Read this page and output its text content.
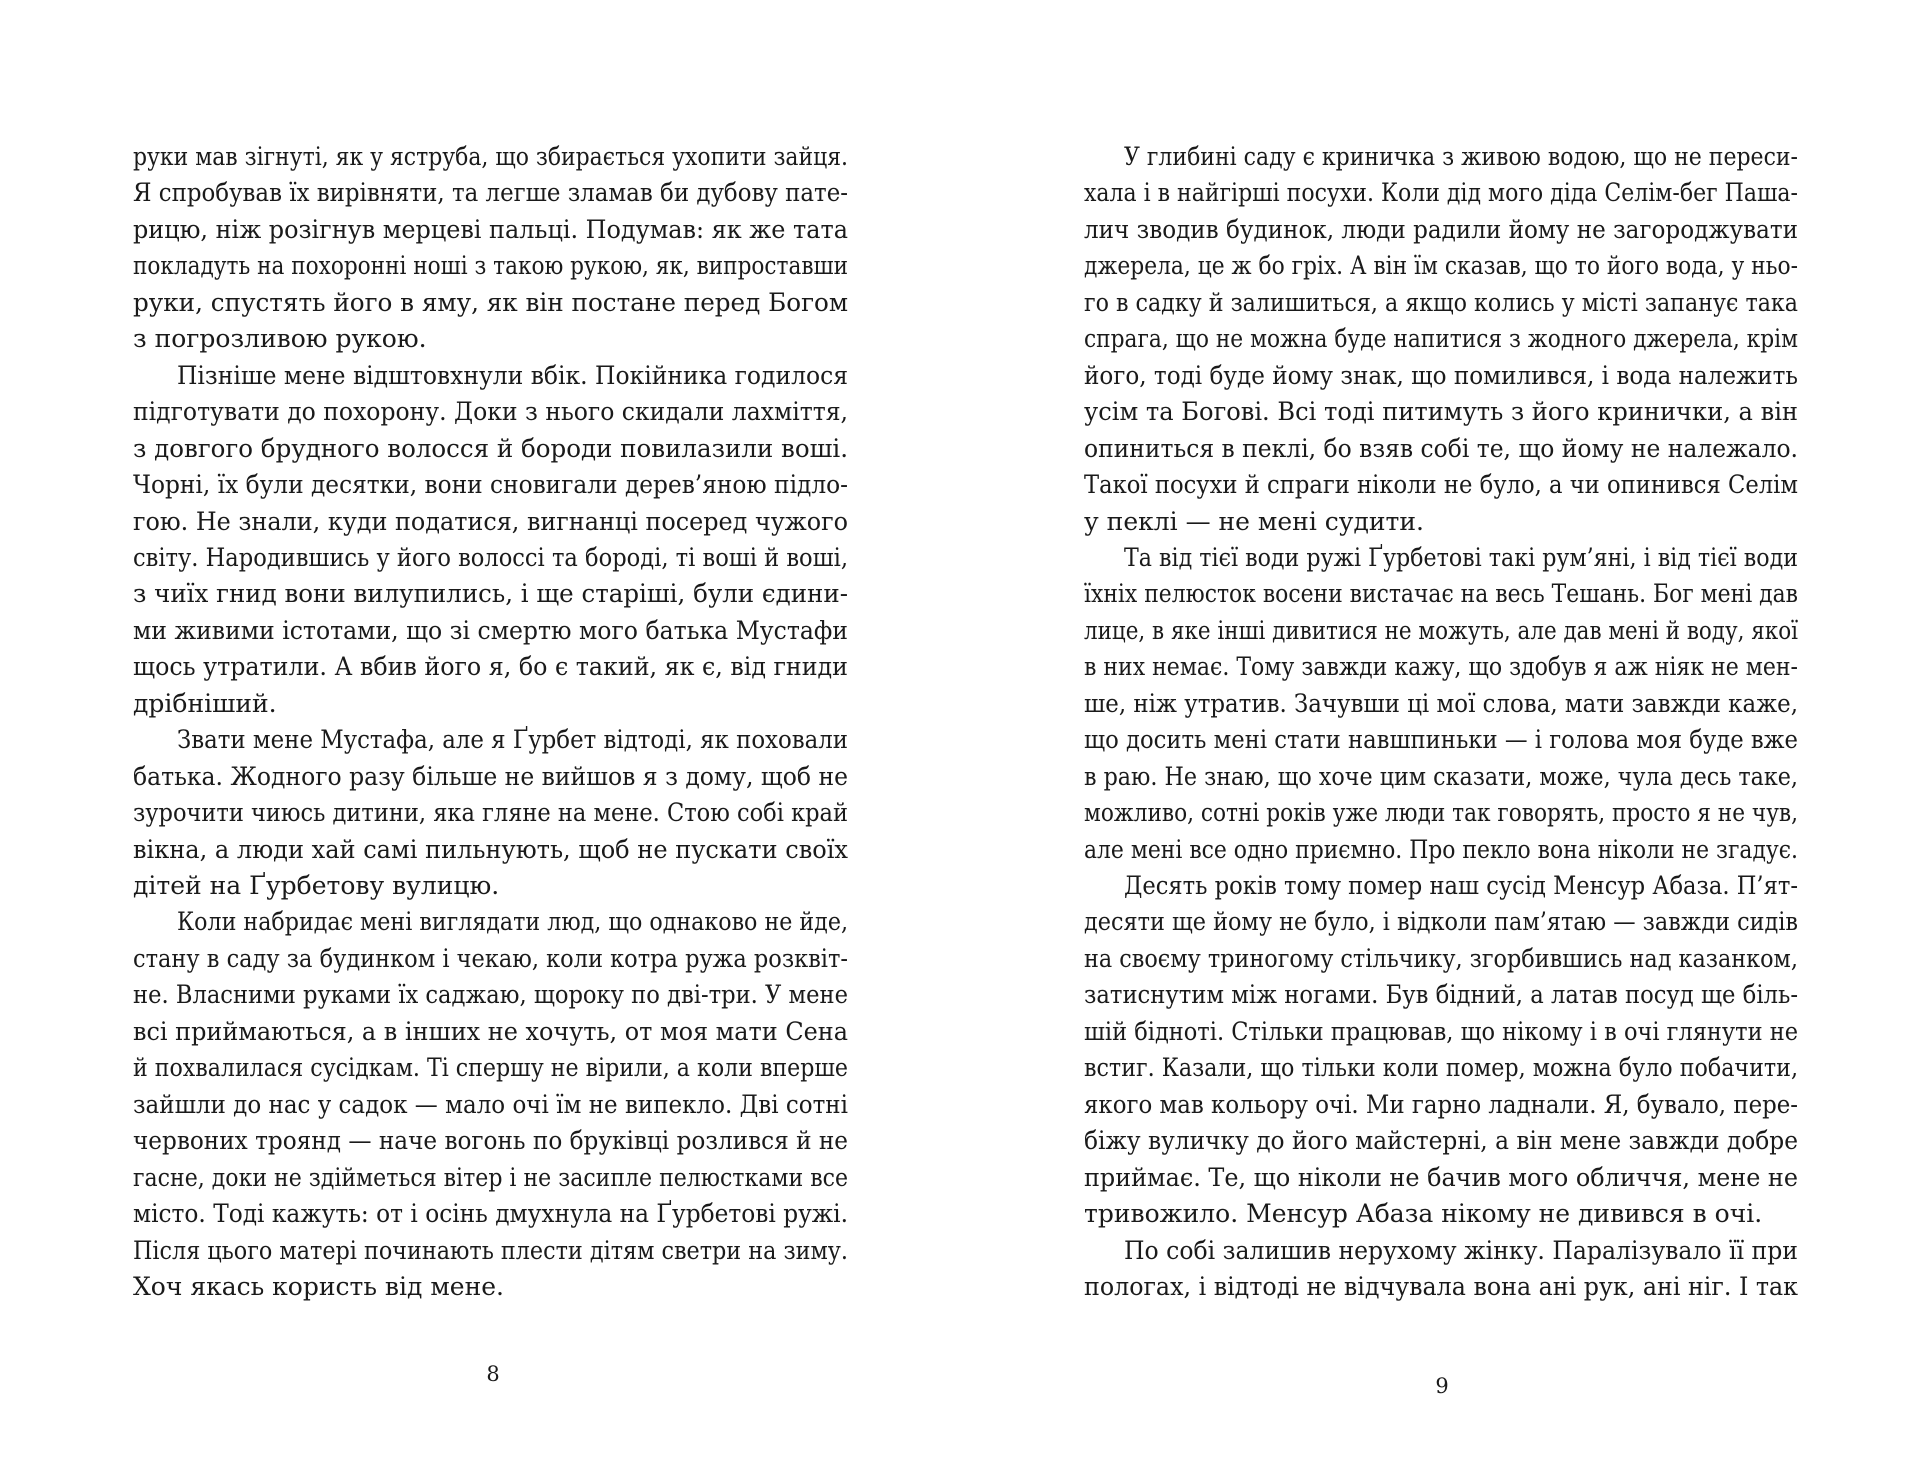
руки мав зігнуті, як у яструба, що збирається ухопити зайця.

Я спробував їх вирівняти, та легше зламав би дубову пате-

рицю, ніж розігнув мерцеві пальці. Подумав: як же тата

покладуть на похоронні ноші з такою рукою, як, випроставши

руки, спустять його в яму, як він постане перед Богом

з погрозливою рукою.

Пізніше мене відштовхнули вбік. Покійника годилося

підготувати до похорону. Доки з нього скидали лахміття,

з довгого брудного волосся й бороди повилазили воші.

Чорні, їх були десятки, вони сновигали дерев’яною підло-

гою. Не знали, куди податися, вигнанці посеред чужого

світу. Народившись у його волоссі та бороді, ті воші й воші,

з чиїх гнид вони вилупились, і ще старіші, були єдини-

ми живими істотами, що зі смертю мого батька Мустафи

щось утратили. А вбив його я, бо є такий, як є, від гниди

дрібніший.

Звати мене Мустафа, але я Ґурбет відтоді, як поховали

батька. Жодного разу більше не вийшов я з дому, щоб не

зурочити чиюсь дитини, яка гляне на мене. Стою собі край

вікна, а люди хай самі пильнують, щоб не пускати своїх

дітей на Ґурбетову вулицю.

Коли набридає мені виглядати люд, що однаково не йде,

стану в саду за будинком і чекаю, коли котра ружа розквіт-

не. Власними руками їх саджаю, щороку по дві-три. У мене

всі приймаються, а в інших не хочуть, от моя мати Сена

й похвалилася сусідкам. Ті спершу не вірили, а коли вперше

зайшли до нас у садок — мало очі їм не випекло. Дві сотні

червоних троянд — наче вогонь по бруківці розлився й не

гасне, доки не здійметься вітер і не засипле пелюстками все

місто. Тоді кажуть: от і осінь дмухнула на Ґурбетові ружі.

Після цього матері починають плести дітям светри на зиму.

Хоч якась користь від мене.

У глибині саду є криничка з живою водою, що не переси-

хала і в найгірші посухи. Коли дід мого діда Селім-бег Паша-

лич зводив будинок, люди радили йому не загороджувати

джерела, це ж бо гріх. А він їм сказав, що то його вода, у ньо-

го в садку й залишиться, а якщо колись у місті запанує така

спрага, що не можна буде напитися з жодного джерела, крім

його, тоді буде йому знак, що помилився, і вода належить

усім та Богові. Всі тоді питимуть з його кринички, а він

опиниться в пеклі, бо взяв собі те, що йому не належало.

Такої посухи й спраги ніколи не було, а чи опинився Селім

у пеклі — не мені судити.

Та від тієї води ружі Ґурбетові такі рум’яні, і від тієї води

їхніх пелюсток восени вистачає на весь Тешань. Бог мені дав

лице, в яке інші дивитися не можуть, але дав мені й воду, якої

в них немає. Тому завжди кажу, що здобув я аж ніяк не мен-

ше, ніж утратив. Зачувши ці мої слова, мати завжди каже,

що досить мені стати навшпиньки — і голова моя буде вже

в раю. Не знаю, що хоче цим сказати, може, чула десь таке,

можливо, сотні років уже люди так говорять, просто я не чув,

але мені все одно приємно. Про пекло вона ніколи не згадує.

Десять років тому помер наш сусід Менсур Абаза. П’ят-

десяти ще йому не було, і відколи пам’ятаю — завжди сидів

на своєму триногому стільчику, згорбившись над казанком,

затиснутим між ногами. Був бідний, а латав посуд ще біль-

шій бідноті. Стільки працював, що нікому і в очі глянути не

встиг. Казали, що тільки коли помер, можна було побачити,

якого мав кольору очі. Ми гарно ладнали. Я, бувало, пере-

біжу вуличку до його майстерні, а він мене завжди добре

приймає. Те, що ніколи не бачив мого обличчя, мене не

тривожило. Менсур Абаза нікому не дивився в очі.

По собі залишив нерухому жінку. Паралізувало її при

пологах, і відтоді не відчувала вона ані рук, ані ніг. І так

8	9
